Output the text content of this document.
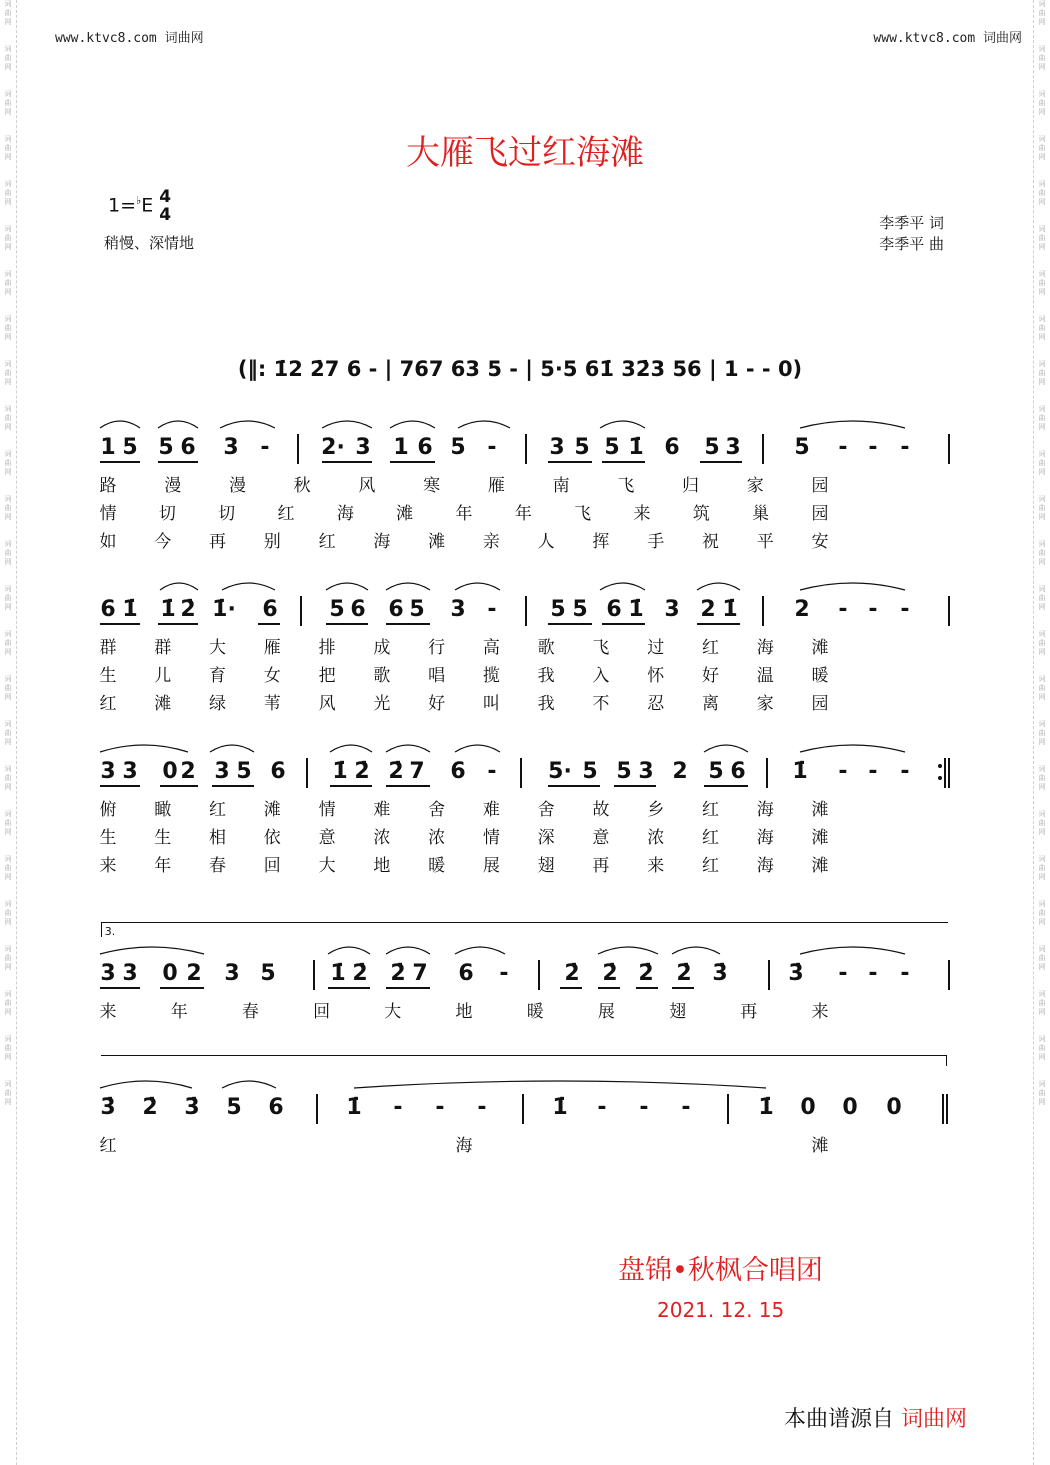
词
曲
网

词
曲
网

词
曲
网

词
曲
网

词
曲
网

词
曲
网

词
曲
网

词
曲
网

词
曲
网

词
曲
网

词
曲
网

词
曲
网

词
曲
网

词
曲
网

词
曲
网

词
曲
网

词
曲
网

词
曲
网

词
曲
网

词
曲
网

词
曲
网

词
曲
网

词
曲
网

词
曲
网

词
曲
网

词
曲
网

词
曲
网

词
曲
网

词
曲
网

词
曲
网

词
曲
网

词
曲
网

词
曲
网

词
曲
网

词
曲
网

词
曲
网

词
曲
网

词
曲
网

词
曲
网

词
曲
网

词
曲
网

词
曲
网

词
曲
网

词
曲
网

词
曲
网

词
曲
网

词
曲
网

词
曲
网

词
曲
网

词
曲
网

www.ktvc8.com 词曲网	www.ktvc8.com 词曲网
大雁飞过红海滩
1=♭E 4
4
稍慢、深情地
李季平 词
李季平 曲
(‖: 1̇2 2̇7 6 - | 767 63 5 - | 5·5 61̇ 32̇3 56 | 1 - - 0)
3.
1 5 5 6 3 - 2· 3 1 6 5 - 3 5 5 1̇ 6 5 3 5 - - -
路	漫	漫	秋	风	寒	雁	南	飞	归	家	园
情 切 切 红 海 滩 年 年 飞 来 筑 巢 园
如 今 再 别 红 海 滩 亲 人 挥 手 祝 平 安
6 1̇ 1̇ 2̇ 1̇· 6 5 6 6 5 3 - 5 5 6 1̇ 3 2 1̇	2 - - -
群 群 大 雁 排 成 行 高 歌 飞 过 红 海 滩
生 儿 育 女 把 歌 唱 揽 我 入 怀 好 温 暖
红 滩 绿 苇 风 光 好 叫 我 不 忍 离 家 园
3 3 0 2 3 5 6 1̇ 2̇ 2̇ 7 6 - 5· 5 5 3 2 5 6 1̇ - - -
俯 瞰 红 滩 情 难 舍 难 舍 故 乡 红 海 滩
生 生 相 依 意 浓 浓 情 深 意 浓 红 海 滩
来 年 春 回 大 地 暖 展 翅 再 来 红 海 滩
3 3 0 2 3 5 1̇ 2̇ 2̇ 7 6 -	2̇ 2̇ 2̇ 2̇ 3̇	3̇ - - -
来	年	春	回	大	地	暖	展	翅	再	来
3̇ 2̇ 3̇ 5 6	1̇ - - -	1̇ - - -	1̇ 0 0 0
红	海	滩
盘锦•秋枫合唱团
2021. 12. 15
本曲谱源自 词曲网
